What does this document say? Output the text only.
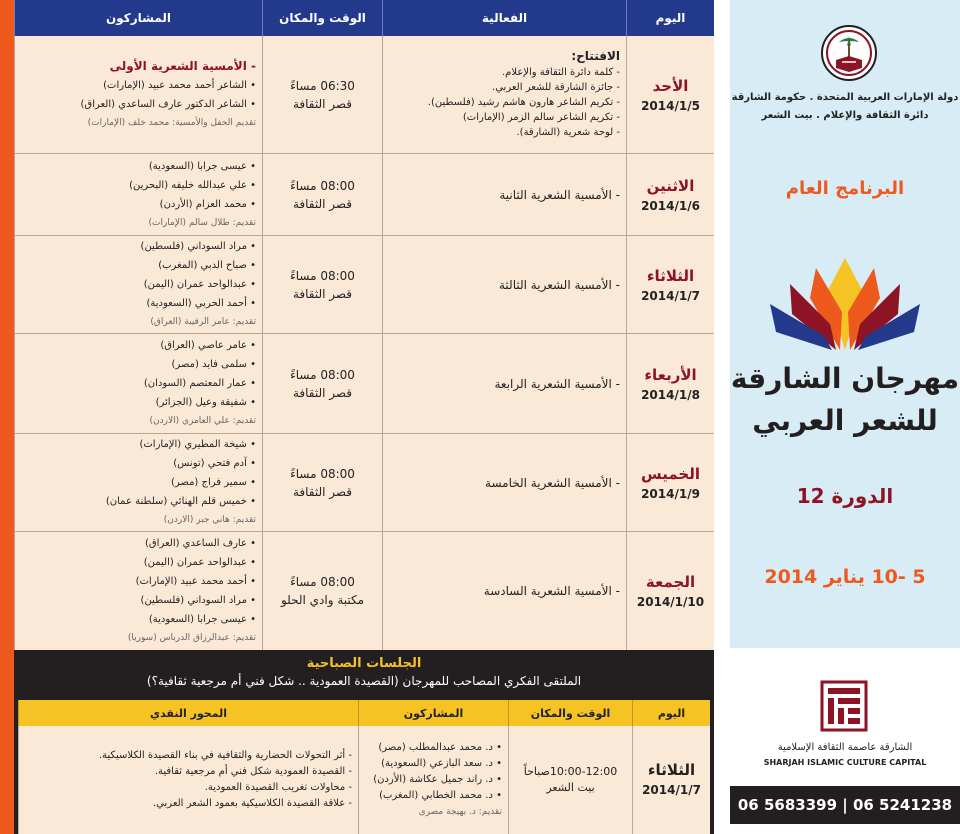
اليوم
الفعالية
الوقت والمكان
المشاركون
الأحد
2014/1/5
الافتتاح:
- كلمة دائرة الثقافة والإعلام.
- جائزة الشارقة للشعر العربي.
- تكريم الشاعر هارون هاشم رشيد (فلسطين).
- تكريم الشاعر سالم الزمر (الإمارات)
- لوحة شعرية (الشارقة).
06:30 مساءً
قصر الثقافة
- الأمسية الشعرية الأولى
• الشاعر أحمد محمد عبيد (الإمارات)
• الشاعر الدكتور عارف الساعدي (العراق)
تقديم الحفل والأمسية: محمد خلف (الإمارات)
الاثنين
2014/1/6
- الأمسية الشعرية الثانية
08:00 مساءً
قصر الثقافة
• عيسى جرابا (السعودية)
• علي عبدالله خليفه (البحرين)
• محمد العزام (الأردن)
تقديم: طلال سالم (الإمارات)
الثلاثاء
2014/1/7
- الأمسية الشعرية الثالثة
08:00 مساءً
قصر الثقافة
• مراد السوداني (فلسطين)
• صباح الدبي (المغرب)
• عبدالواحد عمران (اليمن)
• أحمد الحربي (السعودية)
تقديم: عامر الرقيبة (العراق)
الأربعاء
2014/1/8
- الأمسية الشعرية الرابعة
08:00 مساءً
قصر الثقافة
• عامر عاصي (العراق)
• سلمى فايد (مصر)
• عمار المعتصم (السودان)
• شفيقة وعيل (الجزائر)
تقديم: علي العامري (الاردن)
الخميس
2014/1/9
- الأمسية الشعرية الخامسة
08:00 مساءً
قصر الثقافة
• شيخة المطيري (الإمارات)
• آدم فتحي (تونس)
• سمير فراج (مصر)
• خميس قلم الهنائي (سلطنة عمان)
تقديم: هاني جبر (الاردن)
الجمعة
2014/1/10
- الأمسية الشعرية السادسة
08:00 مساءً
مكتبة وادي الحلو
• عارف الساعدي (العراق)
• عبدالواحد عمران (اليمن)
• أحمد محمد عبيد (الإمارات)
• مراد السوداني (فلسطين)
• عيسى جرابا (السعودية)
تقديم: عبدالرزاق الدرباس (سوريا)
الجلسات الصباحية
الملتقى الفكري المصاحب للمهرجان (القصيدة العمودية .. شكل فني أم مرجعية ثقافية؟)
اليوم
الوقت والمكان
المشاركون
المحور النقدي
الثلاثاء
2014/1/7
10:00-12:00صباحاً
بيت الشعر
• د. محمد عبدالمطلب (مصر)
• د. سعد البازعي (السعودية)
• د. راند جميل عكاشة (الأردن)
• د. محمد الخطابي (المغرب)
تقديم: د. بهيجة مصري
- أثر التحولات الحضارية والثقافية في بناء القصيدة الكلاسيكية.
- القصيدة العمودية شكل فني أم مرجعية ثقافية.
- محاولات تغريب القصيدة العمودية.
- علاقة القصيدة الكلاسيكية بعمود الشعر العربي.
دولة الإمارات العربية المتحدة . حكومة الشارقة
دائرة الثقافة والإعلام . بيت الشعر
البرنامج العام
مهرجان الشارقة
للشعر العربي
الدورة 12
5 -10 يناير 2014
الشارقة عاصمة الثقافة الإسلامية
SHARJAH ISLAMIC CULTURE CAPITAL
06 5683399 | 06 5241238
